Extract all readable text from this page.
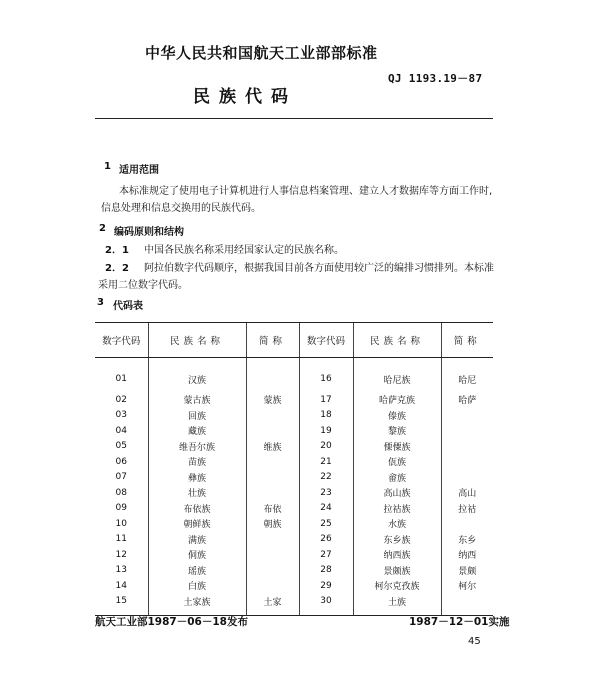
中华人民共和国航天工业部部标准
QJ 1193.19－87
民族代码
1 适用范围
本标准规定了使用电子计算机进行人事信息档案管理、建立人才数据库等方面工作时,
信息处理和信息交换用的民族代码。
2 编码原则和结构
2．1 中国各民族名称采用经国家认定的民族名称。
2．2 阿拉伯数字代码顺序，根据我国目前各方面使用较广泛的编排习惯排列。本标准
采用二位数字代码。
3 代码表
数字代码	民族名称	简称	数字代码	民族名称	简称
01	汉族		16	哈尼族	哈尼
02	蒙古族	蒙族	17	哈萨克族	哈萨
03	回族		18	傣族	
04	藏族		19	黎族	
05	维吾尔族	维族	20	傈僳族	
06	苗族		21	佤族	
07	彝族		22	畲族	
08	壮族		23	高山族	高山
09	布依族	布依	24	拉祜族	拉祜
10	朝鲜族	朝族	25	水族	
11	满族		26	东乡族	东乡
12	侗族		27	纳西族	纳西
13	瑶族		28	景颇族	景颇
14	白族		29	柯尔克孜族	柯尔
15	土家族	土家	30	土族	
航天工业部1987－06－18发布	1987－12－01实施
45
